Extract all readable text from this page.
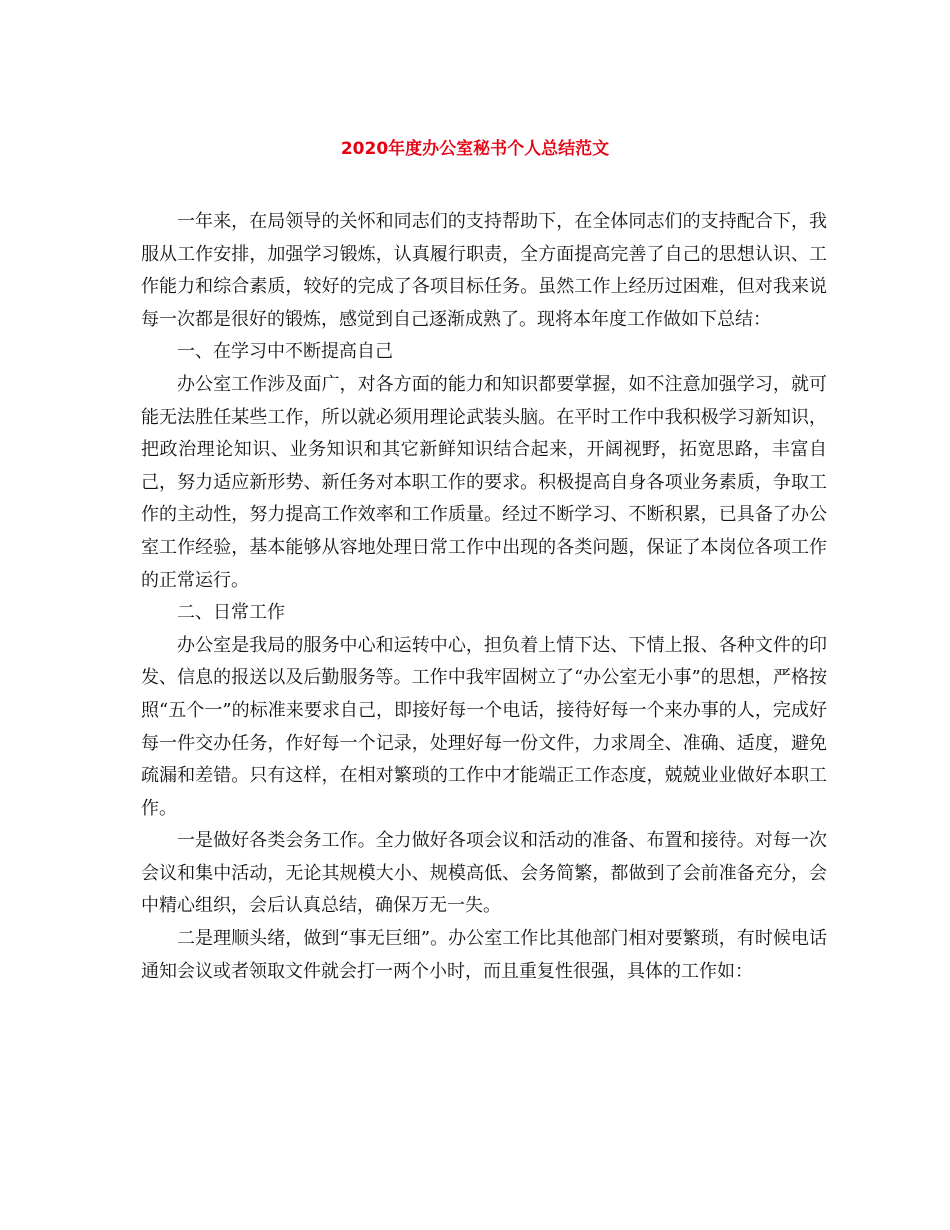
2020年度办公室秘书个人总结范文

一年来，在局领导的关怀和同志们的支持帮助下，在全体同志们的支持配合下，我服从工作安排，加强学习锻炼，认真履行职责，全方面提高完善了自己的思想认识、工作能力和综合素质，较好的完成了各项目标任务。虽然工作上经历过困难，但对我来说每一次都是很好的锻炼，感觉到自己逐渐成熟了。现将本年度工作做如下总结：

一、在学习中不断提高自己

办公室工作涉及面广，对各方面的能力和知识都要掌握，如不注意加强学习，就可能无法胜任某些工作，所以就必须用理论武装头脑。在平时工作中我积极学习新知识，把政治理论知识、业务知识和其它新鲜知识结合起来，开阔视野，拓宽思路，丰富自己，努力适应新形势、新任务对本职工作的要求。积极提高自身各项业务素质，争取工作的主动性，努力提高工作效率和工作质量。经过不断学习、不断积累，已具备了办公室工作经验，基本能够从容地处理日常工作中出现的各类问题，保证了本岗位各项工作的正常运行。

二、日常工作

办公室是我局的服务中心和运转中心，担负着上情下达、下情上报、各种文件的印发、信息的报送以及后勤服务等。工作中我牢固树立了“办公室无小事”的思想，严格按照“五个一”的标准来要求自己，即接好每一个电话，接待好每一个来办事的人，完成好每一件交办任务，作好每一个记录，处理好每一份文件，力求周全、准确、适度，避免疏漏和差错。只有这样，在相对繁琐的工作中才能端正工作态度，兢兢业业做好本职工作。

一是做好各类会务工作。全力做好各项会议和活动的准备、布置和接待。对每一次会议和集中活动，无论其规模大小、规模高低、会务简繁，都做到了会前准备充分，会中精心组织，会后认真总结，确保万无一失。

二是理顺头绪，做到“事无巨细”。办公室工作比其他部门相对要繁琐，有时候电话通知会议或者领取文件就会打一两个小时，而且重复性很强，具体的工作如：
